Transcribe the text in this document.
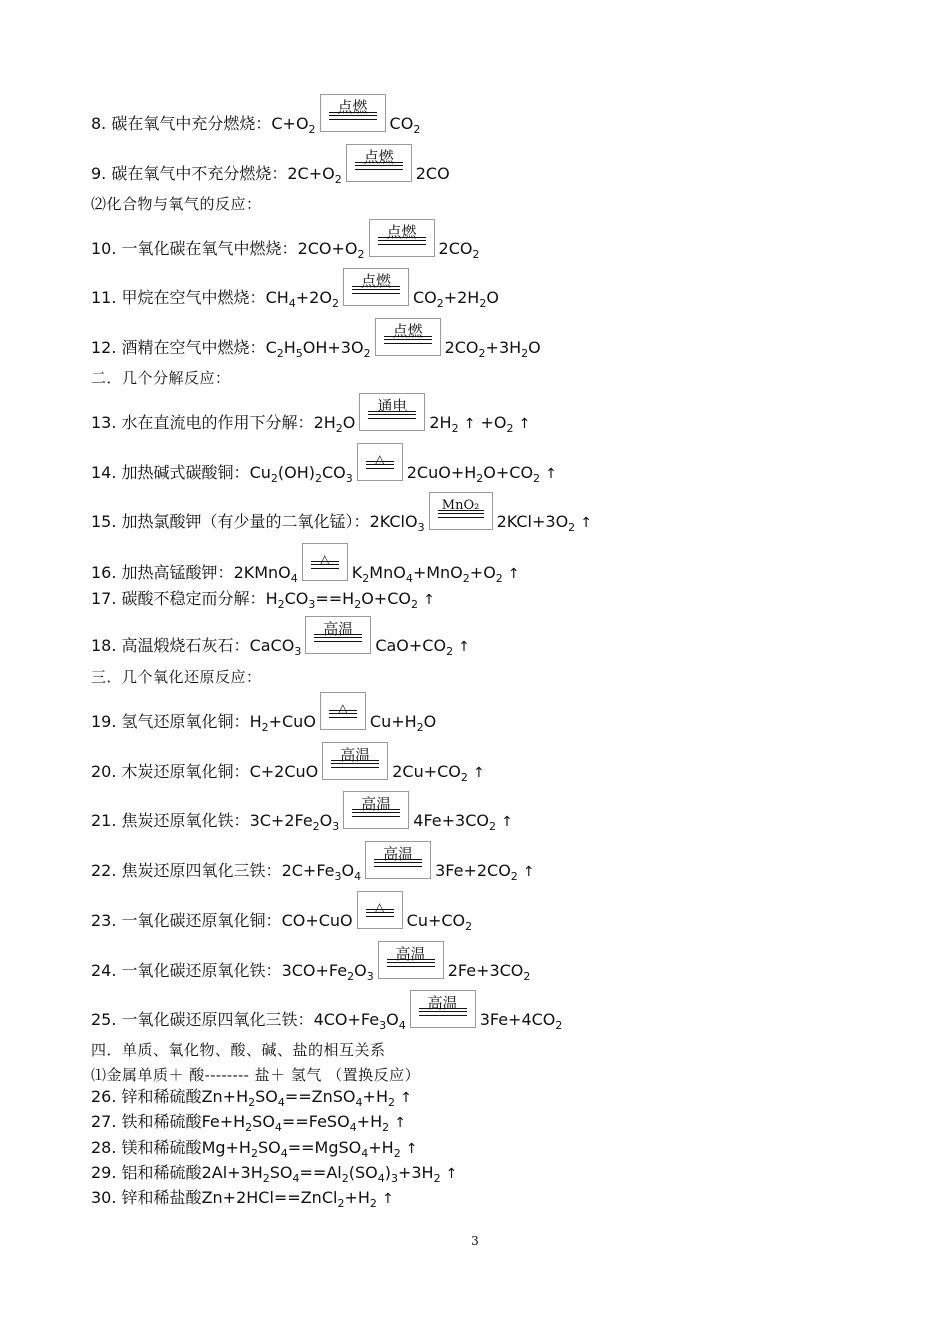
8. 碳在氧气中充分燃烧：$C+O_2$
点燃
$CO_2$
9. 碳在氧气中不充分燃烧：$2C+O_2$
点燃
2CO
⑵化合物与氧气的反应：
10. 一氧化碳在氧气中燃烧：$2CO+O_2$
点燃
$2CO_2$
11. 甲烷在空气中燃烧：$CH_4+2O_2$
点燃
$CO_2+2H_2O$
12. 酒精在空气中燃烧：$C_2H_5OH+3O_2$
点燃
$2CO_2+3H_2O$
二．几个分解反应：
13. 水在直流电的作用下分解：$2H_2O$
通电
$2H_2$ ↑ $+O_2$ ↑
14. 加热碱式碳酸铜：$Cu_2(OH)_2CO_3$
△
$2CuO+H_2O+CO_2$ ↑
15. 加热氯酸钾（有少量的二氧化锰）：2KClO$_3$
MnO₂
$2KCl+3O_2$ ↑
16. 加热高锰酸钾：2KMnO$_4$
△
$K_2MnO_4+MnO_2+O_2$ ↑
17. 碳酸不稳定而分解：$H_2CO_3==H_2O+CO_2$ ↑
18. 高温煅烧石灰石：CaCO$_3$
高温
$CaO+CO_2$ ↑
三．几个氧化还原反应：
19. 氢气还原氧化铜：$H_2+CuO$
△
$Cu+H_2O$
20. 木炭还原氧化铜：C+2CuO
高温
$2Cu+CO_2$ ↑
21. 焦炭还原氧化铁：$3C+2Fe_2O_3$
高温
$4Fe+3CO_2$ ↑
22. 焦炭还原四氧化三铁：$2C+Fe_3O_4$
高温
$3Fe+2CO_2$ ↑
23. 一氧化碳还原氧化铜：CO+CuO
△
$Cu+CO_2$
24. 一氧化碳还原氧化铁：$3CO+Fe_2O_3$
高温
$2Fe+3CO_2$
25. 一氧化碳还原四氧化三铁：$4CO+Fe_3O_4$
高温
$3Fe+4CO_2$
四．单质、氧化物、酸、碱、盐的相互关系
⑴金属单质＋ 酸-------- 盐＋ 氢气 （置换反应）
26. 锌和稀硫酸$Zn+H_2SO_4==ZnSO_4+H_2$ ↑
27. 铁和稀硫酸$Fe+H_2SO_4==FeSO_4+H_2$ ↑
28. 镁和稀硫酸$Mg+H_2SO_4==MgSO_4+H_2$ ↑
29. 铝和稀硫酸$2Al+3H_2SO_4==Al_2(SO_4)_3+3H_2$ ↑
30. 锌和稀盐酸$Zn+2HCl==ZnCl_2+H_2$ ↑
3
